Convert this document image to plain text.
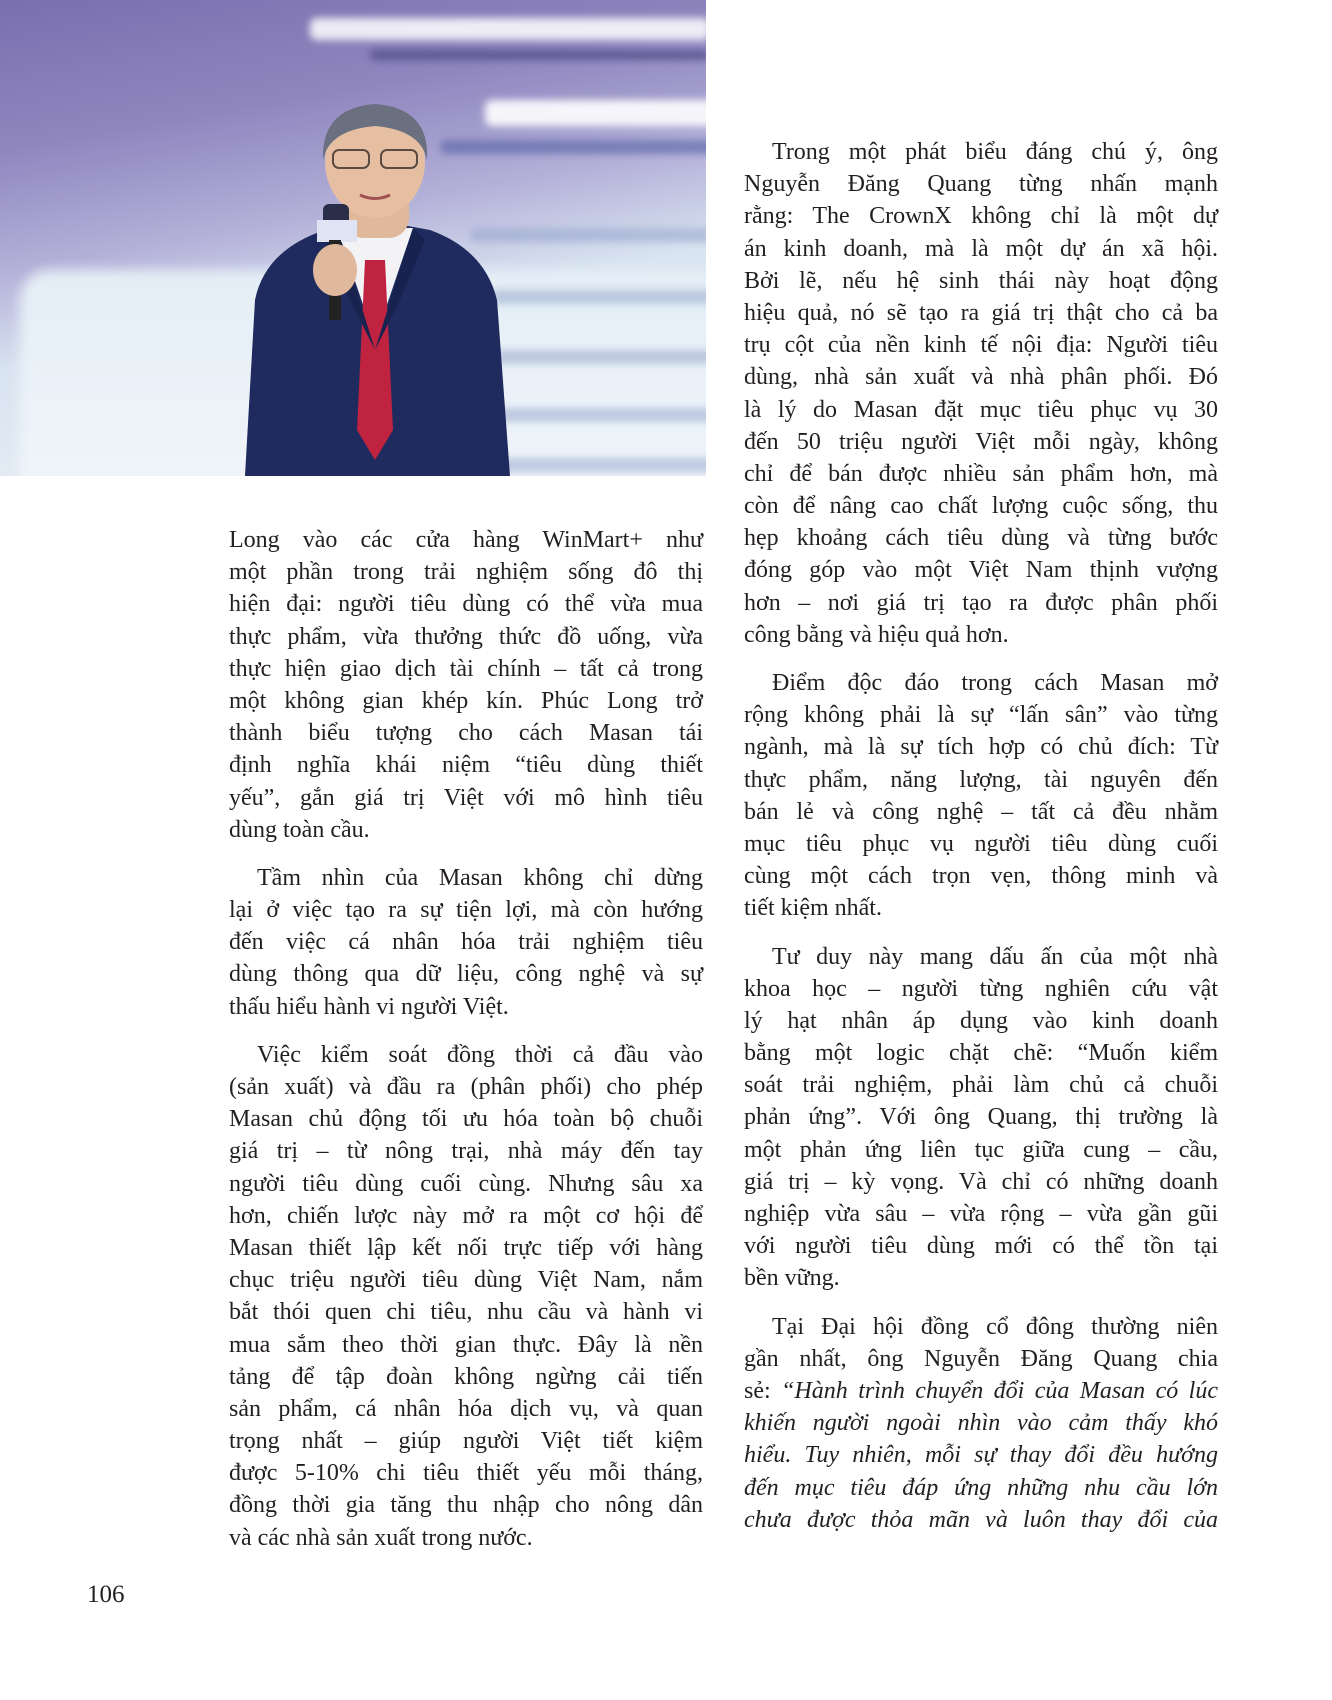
Long vào các cửa hàng WinMart+ như
một phần trong trải nghiệm sống đô thị
hiện đại: người tiêu dùng có thể vừa mua
thực phẩm, vừa thưởng thức đồ uống, vừa
thực hiện giao dịch tài chính – tất cả trong
một không gian khép kín. Phúc Long trở
thành biểu tượng cho cách Masan tái
định nghĩa khái niệm “tiêu dùng thiết
yếu”, gắn giá trị Việt với mô hình tiêu
dùng toàn cầu.
Tầm nhìn của Masan không chỉ dừng
lại ở việc tạo ra sự tiện lợi, mà còn hướng
đến việc cá nhân hóa trải nghiệm tiêu
dùng thông qua dữ liệu, công nghệ và sự
thấu hiểu hành vi người Việt.
Việc kiểm soát đồng thời cả đầu vào
(sản xuất) và đầu ra (phân phối) cho phép
Masan chủ động tối ưu hóa toàn bộ chuỗi
giá trị – từ nông trại, nhà máy đến tay
người tiêu dùng cuối cùng. Nhưng sâu xa
hơn, chiến lược này mở ra một cơ hội để
Masan thiết lập kết nối trực tiếp với hàng
chục triệu người tiêu dùng Việt Nam, nắm
bắt thói quen chi tiêu, nhu cầu và hành vi
mua sắm theo thời gian thực. Đây là nền
tảng để tập đoàn không ngừng cải tiến
sản phẩm, cá nhân hóa dịch vụ, và quan
trọng nhất – giúp người Việt tiết kiệm
được 5-10% chi tiêu thiết yếu mỗi tháng,
đồng thời gia tăng thu nhập cho nông dân
và các nhà sản xuất trong nước.
Trong một phát biểu đáng chú ý, ông
Nguyễn Đăng Quang từng nhấn mạnh
rằng: The CrownX không chỉ là một dự
án kinh doanh, mà là một dự án xã hội.
Bởi lẽ, nếu hệ sinh thái này hoạt động
hiệu quả, nó sẽ tạo ra giá trị thật cho cả ba
trụ cột của nền kinh tế nội địa: Người tiêu
dùng, nhà sản xuất và nhà phân phối. Đó
là lý do Masan đặt mục tiêu phục vụ 30
đến 50 triệu người Việt mỗi ngày, không
chỉ để bán được nhiều sản phẩm hơn, mà
còn để nâng cao chất lượng cuộc sống, thu
hẹp khoảng cách tiêu dùng và từng bước
đóng góp vào một Việt Nam thịnh vượng
hơn – nơi giá trị tạo ra được phân phối
công bằng và hiệu quả hơn.
Điểm độc đáo trong cách Masan mở
rộng không phải là sự “lấn sân” vào từng
ngành, mà là sự tích hợp có chủ đích: Từ
thực phẩm, năng lượng, tài nguyên đến
bán lẻ và công nghệ – tất cả đều nhằm
mục tiêu phục vụ người tiêu dùng cuối
cùng một cách trọn vẹn, thông minh và
tiết kiệm nhất.
Tư duy này mang dấu ấn của một nhà
khoa học – người từng nghiên cứu vật
lý hạt nhân áp dụng vào kinh doanh
bằng một logic chặt chẽ: “Muốn kiểm
soát trải nghiệm, phải làm chủ cả chuỗi
phản ứng”. Với ông Quang, thị trường là
một phản ứng liên tục giữa cung – cầu,
giá trị – kỳ vọng. Và chỉ có những doanh
nghiệp vừa sâu – vừa rộng – vừa gần gũi
với người tiêu dùng mới có thể tồn tại
bền vững.
Tại Đại hội đồng cổ đông thường niên
gần nhất, ông Nguyễn Đăng Quang chia
sẻ: “Hành trình chuyển đổi của Masan có lúc
khiến người ngoài nhìn vào cảm thấy khó
hiểu. Tuy nhiên, mỗi sự thay đổi đều hướng
đến mục tiêu đáp ứng những nhu cầu lớn
chưa được thỏa mãn và luôn thay đổi của
106
